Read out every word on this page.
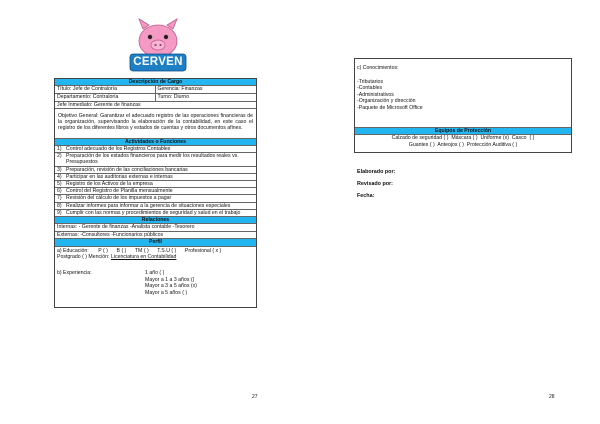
CERVEN
Descripción de Cargo
Título: Jefe de Contraloría	Gerencia: Finanzas
Departamento: Contraloría	Turno: Diurno
Jefe Inmediato: Gerente de finanzas
Objetivo General: Garantizar el adecuado registro de las operaciones financieras de la organización, supervisando la elaboración de la contabilidad, en este caso el registro de los diferentes libros y estados de cuentas y otros documentos afines.
Actividades o Funciones
1) Control adecuado de los Registros Contables
2) Preparación de los estados financieros para medir los resultados reales vs. Presupuestos
3) Preparación, revisión de las conciliaciones bancarias
4) Participar en las auditorias externas e internas
5) Registro de los Activos de la empresa
6) Control del Registro de Planilla mensualmente
7) Revisión del cálculo de los impuestos a pagar
8) Realizar informes para informar a la gerencia de situaciones especiales
9) Cumplir con las normas y procedimientos de seguridad y salud en el trabajo
Relaciones
Internas: - Gerente de finanzas -Analista contable -Tesorero
Externas: -Consultores -Funcionarios públicos
Perfil
a) Educación: P ( )      B ( )      TM ( )      T.S.U ( )      Profesional ( x )
Postgrado ( ) Mención: Licenciatura en Contabilidad
b) Experiencia:	1 año ( )
Mayor a 1 a 3 años ()
Mayor a 3 a 5 años (x)
Mayor a 5 años ( )
27
c) Conocimientos:
-Tributarios
-Contables
-Administrativos
-Organización y dirección
-Paquete de Microsoft Office
Equipos de Protección
Calzado de seguridad ( )  Máscara ( )  Uniforme (x)  Casco  ( )
Guantes ( )  Anteojos ( )  Protección Auditiva ( )
Elaborado por:
Revisado por:
Fecha:
28
